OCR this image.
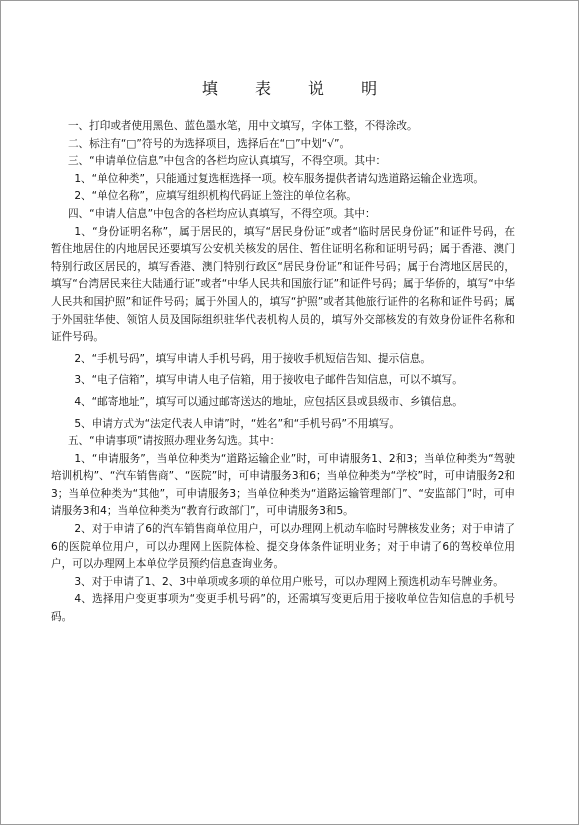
填 表 说 明

一、打印或者使用黑色、蓝色墨水笔，用中文填写，字体工整，不得涂改。

二、标注有“□”符号的为选择项目，选择后在“□”中划“√”。

三、“申请单位信息”中包含的各栏均应认真填写，不得空项。其中：

1、“单位种类”，只能通过复选框选择一项。校车服务提供者请勾选道路运输企业选项。

2、“单位名称”，应填写组织机构代码证上签注的单位名称。

四、“申请人信息”中包含的各栏均应认真填写，不得空项。其中：

1、“身份证明名称”，属于居民的，填写“居民身份证”或者“临时居民身份证”和证件号码，在暂住地居住的内地居民还要填写公安机关核发的居住、暂住证明名称和证明号码；属于香港、澳门特别行政区居民的，填写香港、澳门特别行政区“居民身份证”和证件号码；属于台湾地区居民的，填写“台湾居民来往大陆通行证”或者“中华人民共和国旅行证”和证件号码；属于华侨的，填写“中华人民共和国护照”和证件号码；属于外国人的，填写“护照”或者其他旅行证件的名称和证件号码；属于外国驻华使、领馆人员及国际组织驻华代表机构人员的，填写外交部核发的有效身份证件名称和证件号码。

2、“手机号码”，填写申请人手机号码，用于接收手机短信告知、提示信息。

3、“电子信箱”，填写申请人电子信箱，用于接收电子邮件告知信息，可以不填写。

4、“邮寄地址”，填写可以通过邮寄送达的地址，应包括区县或县级市、乡镇信息。

5、申请方式为“法定代表人申请”时，“姓名”和“手机号码”不用填写。

五、“申请事项”请按照办理业务勾选。其中：

1、“申请服务”，当单位种类为“道路运输企业”时，可申请服务1、2和3；当单位种类为“驾驶培训机构”、“汽车销售商”、“医院”时，可申请服务3和6；当单位种类为“学校”时，可申请服务2和3；当单位种类为“其他”，可申请服务3；当单位种类为“道路运输管理部门”、“安监部门”时，可申请服务3和4；当单位种类为“教育行政部门”，可申请服务3和5。

2、对于申请了6的汽车销售商单位用户，可以办理网上机动车临时号牌核发业务；对于申请了6的医院单位用户，可以办理网上医院体检、提交身体条件证明业务；对于申请了6的驾校单位用户，可以办理网上本单位学员预约信息查询业务。

3、对于申请了1、2、3中单项或多项的单位用户账号，可以办理网上预选机动车号牌业务。

4、选择用户变更事项为“变更手机号码”的，还需填写变更后用于接收单位告知信息的手机号码。
